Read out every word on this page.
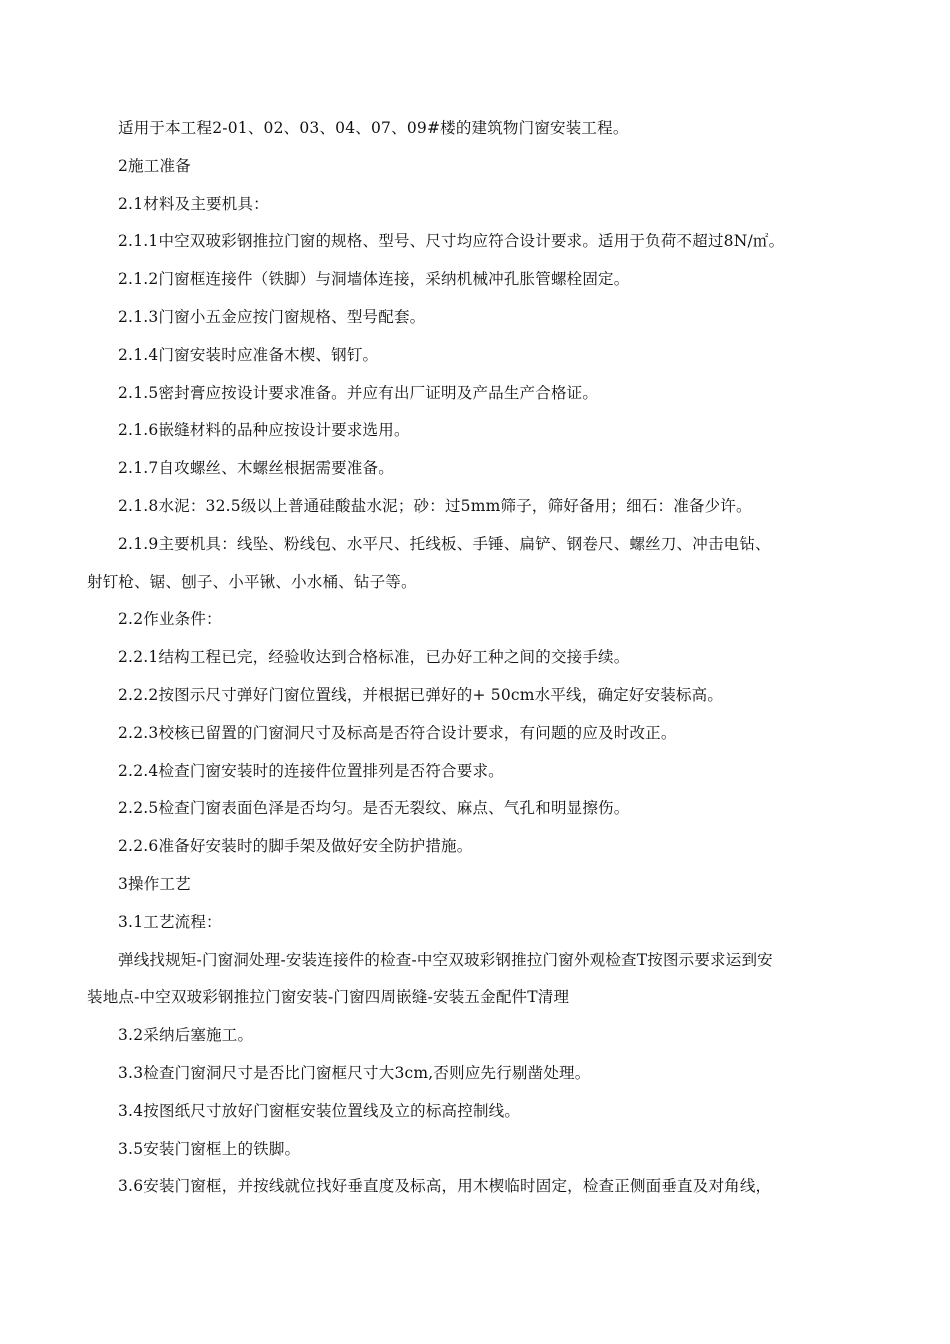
适用于本工程2-01、02、03、04、07、09#楼的建筑物门窗安装工程。

2施工准备

2.1材料及主要机具：

2.1.1中空双玻彩钢推拉门窗的规格、型号、尺寸均应符合设计要求。适用于负荷不超过8N/㎡。

2.1.2门窗框连接件（铁脚）与洞墙体连接，采纳机械冲孔胀管螺栓固定。

2.1.3门窗小五金应按门窗规格、型号配套。

2.1.4门窗安装时应准备木楔、钢钉。

2.1.5密封膏应按设计要求准备。并应有出厂证明及产品生产合格证。

2.1.6嵌缝材料的品种应按设计要求选用。

2.1.7自攻螺丝、木螺丝根据需要准备。

2.1.8水泥：32.5级以上普通硅酸盐水泥；砂：过5mm筛子，筛好备用；细石：准备少许。

2.1.9主要机具：线坠、粉线包、水平尺、托线板、手锤、扁铲、钢卷尺、螺丝刀、冲击电钻、

射钉枪、锯、刨子、小平锹、小水桶、钻子等。

2.2作业条件：

2.2.1结构工程已完，经验收达到合格标准，已办好工种之间的交接手续。

2.2.2按图示尺寸弹好门窗位置线，并根据已弹好的+ 50cm水平线，确定好安装标高。

2.2.3校核已留置的门窗洞尺寸及标高是否符合设计要求，有问题的应及时改正。

2.2.4检查门窗安装时的连接件位置排列是否符合要求。

2.2.5检查门窗表面色泽是否均匀。是否无裂纹、麻点、气孔和明显擦伤。

2.2.6准备好安装时的脚手架及做好安全防护措施。

3操作工艺

3.1工艺流程：

弹线找规矩-门窗洞处理-安装连接件的检查-中空双玻彩钢推拉门窗外观检查T按图示要求运到安

装地点-中空双玻彩钢推拉门窗安装-门窗四周嵌缝-安装五金配件T清理

3.2采纳后塞施工。

3.3检查门窗洞尺寸是否比门窗框尺寸大3cm,否则应先行剔凿处理。

3.4按图纸尺寸放好门窗框安装位置线及立的标高控制线。

3.5安装门窗框上的铁脚。

3.6安装门窗框，并按线就位找好垂直度及标高，用木楔临时固定，检查正侧面垂直及对角线，
